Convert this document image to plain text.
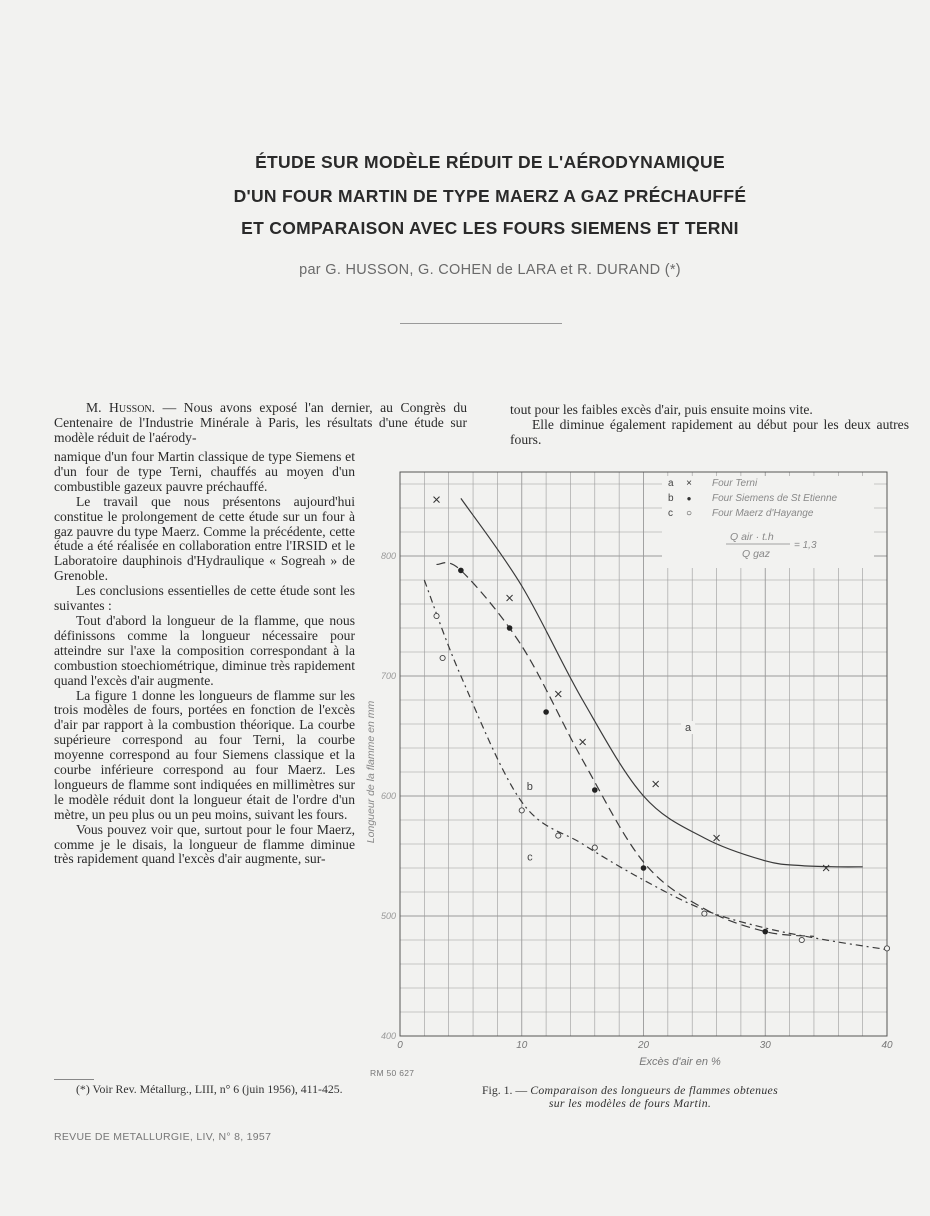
ÉTUDE SUR MODÈLE RÉDUIT DE L'AÉRODYNAMIQUE
D'UN FOUR MARTIN DE TYPE MAERZ A GAZ PRÉCHAUFFÉ
ET COMPARAISON AVEC LES FOURS SIEMENS ET TERNI
par G. HUSSON, G. COHEN de LARA et R. DURAND (*)

M. Husson. — Nous avons exposé l'an dernier, au Congrès du Centenaire de l'Industrie Minérale à Paris, les résultats d'une étude sur modèle réduit de l'aérody-

namique d'un four Martin classique de type Siemens et d'un four de type Terni, chauffés au moyen d'un combustible gazeux pauvre préchauffé.

Le travail que nous présentons aujourd'hui constitue le prolongement de cette étude sur un four à gaz pauvre du type Maerz. Comme la précédente, cette étude a été réalisée en collaboration entre l'IRSID et le Laboratoire dauphinois d'Hydraulique « Sogreah » de Grenoble.

Les conclusions essentielles de cette étude sont les suivantes :

Tout d'abord la longueur de la flamme, que nous définissons comme la longueur nécessaire pour atteindre sur l'axe la composition correspondant à la combustion stoechiométrique, diminue très rapidement quand l'excès d'air augmente.

La figure 1 donne les longueurs de flamme sur les trois modèles de fours, portées en fonction de l'excès d'air par rapport à la combustion théorique. La courbe supérieure correspond au four Terni, la courbe moyenne correspond au four Siemens classique et la courbe inférieure correspond au four Maerz. Les longueurs de flamme sont indiquées en millimètres sur le modèle réduit dont la longueur était de l'ordre d'un mètre, un peu plus ou un peu moins, suivant les fours.

Vous pouvez voir que, surtout pour le four Maerz, comme je le disais, la longueur de flamme diminue très rapidement quand l'excès d'air augmente, sur-

tout pour les faibles excès d'air, puis ensuite moins vite.

Elle diminue également rapidement au début pour les deux autres fours.

(*) Voir Rev. Métallurg., LIII, n° 6 (juin 1956), 411-425.
REVUE DE METALLURGIE, LIV, N° 8, 1957
0	10	20	30	40
400
500
600
700
800
Excès d'air en %
Longueur de la flamme en mm	a
b
c
a × Four Terni
b ● Four Siemens de St Etienne
c ○ Four Maerz d'Hayange
Q air · t.h
Q gaz
= 1,3
RM 50 627
Fig. 1. — Comparaison des longueurs de flammes obtenues
sur les modèles de fours Martin.
